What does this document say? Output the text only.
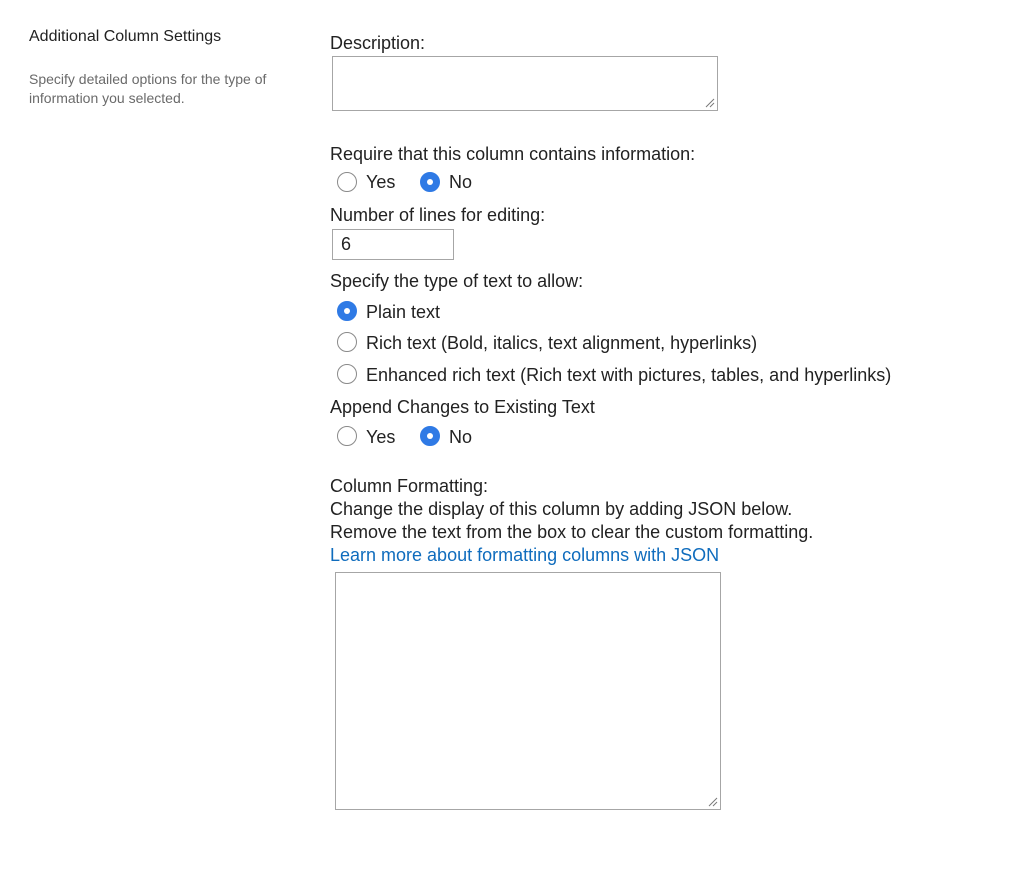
Additional Column Settings
Specify detailed options for the type of information you selected.
Description:
Require that this column contains information:
Yes	No
Number of lines for editing:
6
Specify the type of text to allow:
Plain text
Rich text (Bold, italics, text alignment, hyperlinks)
Enhanced rich text (Rich text with pictures, tables, and hyperlinks)
Append Changes to Existing Text
Yes	No
Column Formatting:
Change the display of this column by adding JSON below.
Remove the text from the box to clear the custom formatting.
Learn more about formatting columns with JSON
